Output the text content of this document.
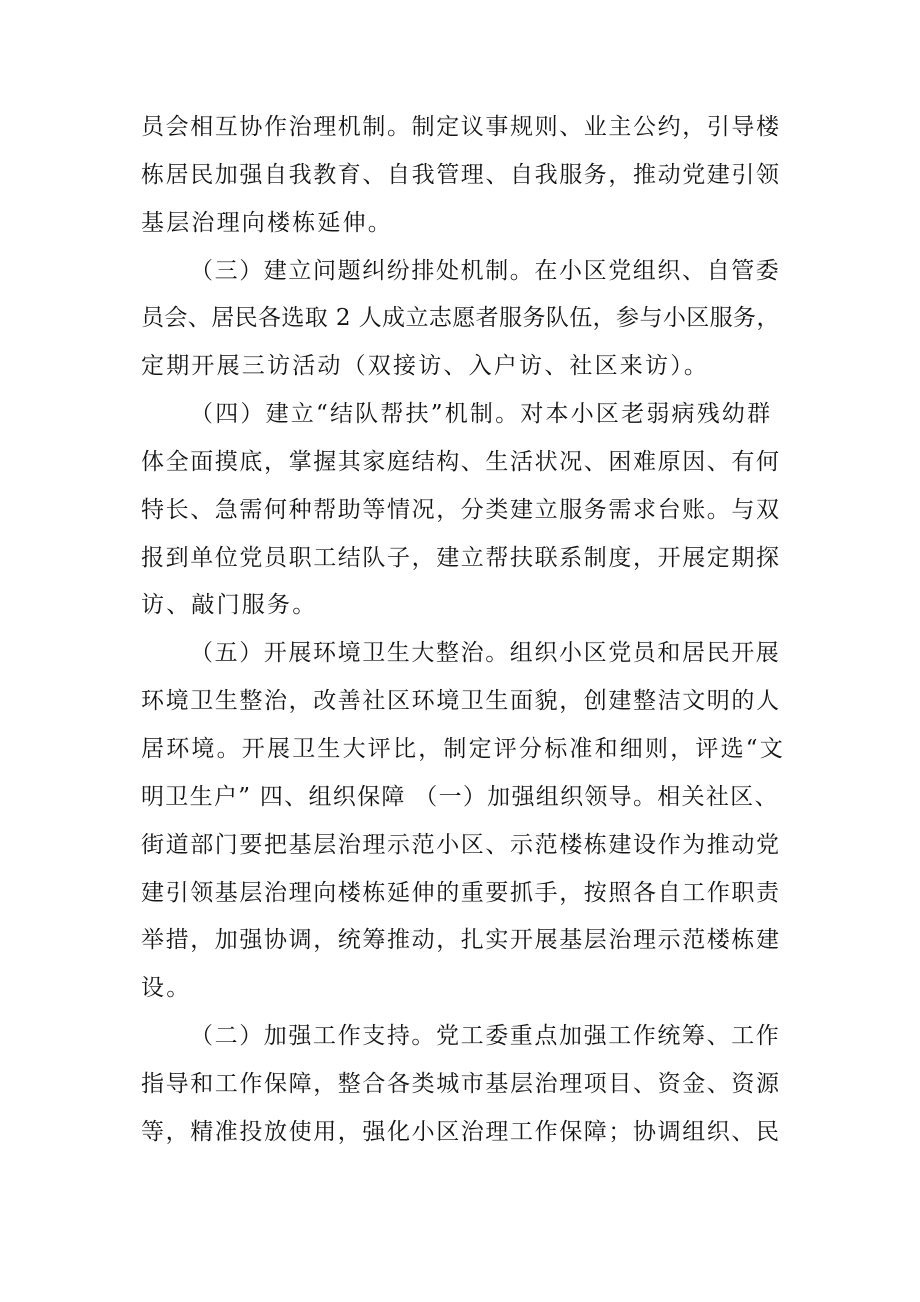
员会相互协作治理机制。制定议事规则、业主公约，引导楼
栋居民加强自我教育、自我管理、自我服务，推动党建引领
基层治理向楼栋延伸。
（三）建立问题纠纷排处机制。在小区党组织、自管委
员会、居民各选取 2 人成立志愿者服务队伍，参与小区服务，
定期开展三访活动（双接访、入户访、社区来访）。
（四）建立“结队帮扶”机制。对本小区老弱病残幼群
体全面摸底，掌握其家庭结构、生活状况、困难原因、有何
特长、急需何种帮助等情况，分类建立服务需求台账。与双
报到单位党员职工结队子，建立帮扶联系制度，开展定期探
访、敲门服务。
（五）开展环境卫生大整治。组织小区党员和居民开展
环境卫生整治，改善社区环境卫生面貌，创建整洁文明的人
居环境。开展卫生大评比，制定评分标准和细则，评选“文
明卫生户” 四、组织保障 （一）加强组织领导。相关社区、
街道部门要把基层治理示范小区、示范楼栋建设作为推动党
建引领基层治理向楼栋延伸的重要抓手，按照各自工作职责
举措，加强协调，统筹推动，扎实开展基层治理示范楼栋建
设。
（二）加强工作支持。党工委重点加强工作统筹、工作
指导和工作保障，整合各类城市基层治理项目、资金、资源
等，精准投放使用，强化小区治理工作保障；协调组织、民
